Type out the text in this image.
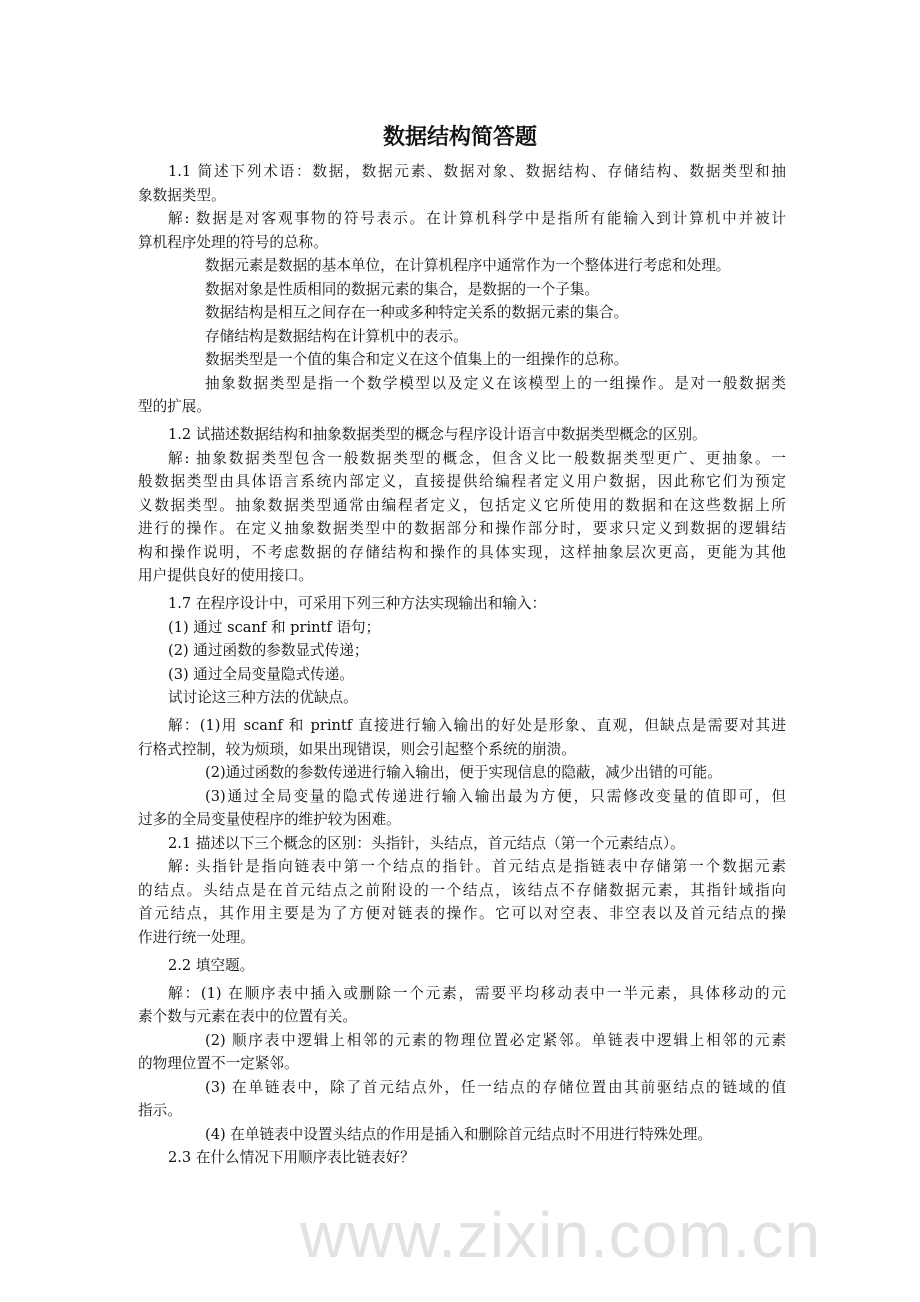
www.zixin.com.cn
数据结构简答题
1.1 简述下列术语：数据，数据元素、数据对象、数据结构、存储结构、数据类型和抽
象数据类型。
解: 数据是对客观事物的符号表示。在计算机科学中是指所有能输入到计算机中并被计
算机程序处理的符号的总称。
数据元素是数据的基本单位，在计算机程序中通常作为一个整体进行考虑和处理。
数据对象是性质相同的数据元素的集合，是数据的一个子集。
数据结构是相互之间存在一种或多种特定关系的数据元素的集合。
存储结构是数据结构在计算机中的表示。
数据类型是一个值的集合和定义在这个值集上的一组操作的总称。
抽象数据类型是指一个数学模型以及定义在该模型上的一组操作。是对一般数据类
型的扩展。
1.2 试描述数据结构和抽象数据类型的概念与程序设计语言中数据类型概念的区别。
解: 抽象数据类型包含一般数据类型的概念，但含义比一般数据类型更广、更抽象。一
般数据类型由具体语言系统内部定义，直接提供给编程者定义用户数据，因此称它们为预定
义数据类型。抽象数据类型通常由编程者定义，包括定义它所使用的数据和在这些数据上所
进行的操作。在定义抽象数据类型中的数据部分和操作部分时，要求只定义到数据的逻辑结
构和操作说明，不考虑数据的存储结构和操作的具体实现，这样抽象层次更高，更能为其他
用户提供良好的使用接口。
1.7 在程序设计中，可采用下列三种方法实现输出和输入：
(1) 通过 scanf 和 printf 语句；
(2) 通过函数的参数显式传递；
(3) 通过全局变量隐式传递。
试讨论这三种方法的优缺点。
解：(1)用 scanf 和 printf 直接进行输入输出的好处是形象、直观，但缺点是需要对其进
行格式控制，较为烦琐，如果出现错误，则会引起整个系统的崩溃。
(2)通过函数的参数传递进行输入输出，便于实现信息的隐蔽，减少出错的可能。
(3)通过全局变量的隐式传递进行输入输出最为方便，只需修改变量的值即可，但
过多的全局变量使程序的维护较为困难。
2.1 描述以下三个概念的区别：头指针，头结点，首元结点（第一个元素结点）。
解: 头指针是指向链表中第一个结点的指针。首元结点是指链表中存储第一个数据元素
的结点。头结点是在首元结点之前附设的一个结点，该结点不存储数据元素，其指针域指向
首元结点，其作用主要是为了方便对链表的操作。它可以对空表、非空表以及首元结点的操
作进行统一处理。
2.2 填空题。
解：(1) 在顺序表中插入或删除一个元素，需要平均移动表中一半元素，具体移动的元
素个数与元素在表中的位置有关。
(2) 顺序表中逻辑上相邻的元素的物理位置必定紧邻。单链表中逻辑上相邻的元素
的物理位置不一定紧邻。
(3) 在单链表中，除了首元结点外，任一结点的存储位置由其前驱结点的链域的值
指示。
(4) 在单链表中设置头结点的作用是插入和删除首元结点时不用进行特殊处理。
2.3 在什么情况下用顺序表比链表好？
